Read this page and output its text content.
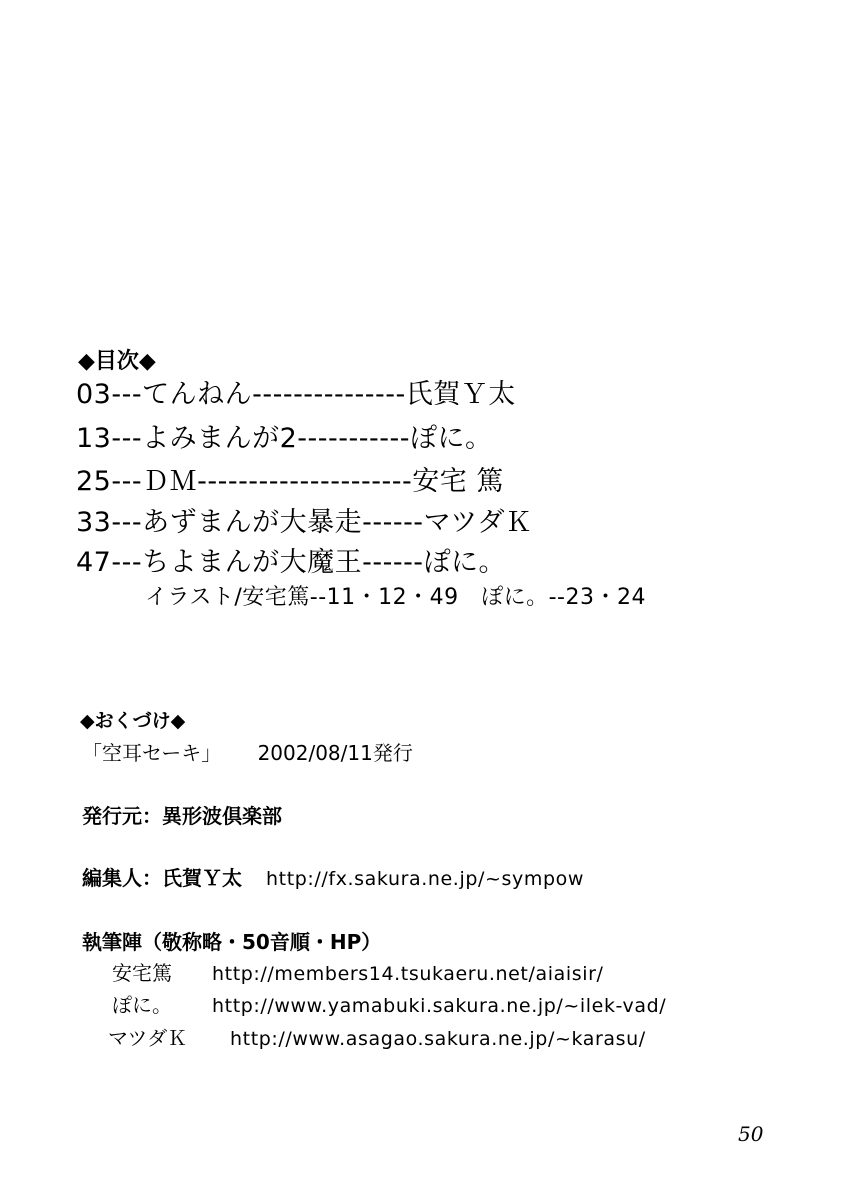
◆目次◆
03---てんねん---------------氏賀Ｙ太
13---よみまんが2-----------ぽに。
25---ＤＭ---------------------安宅 篤
33---あずまんが大暴走------マツダＫ
47---ちよまんが大魔王------ぽに。
イラスト/安宅篤--11・12・49　ぽに。--23・24
◆おくづけ◆
「空耳セーキ」 2002/08/11発行
発行元：異形波倶楽部
編集人：氏賀Ｙ太 http://fx.sakura.ne.jp/~sympow
執筆陣（敬称略・50音順・HP）
安宅篤 http://members14.tsukaeru.net/aiaisir/
ぽに。 http://www.yamabuki.sakura.ne.jp/~ilek-vad/
マツダＫ http://www.asagao.sakura.ne.jp/~karasu/
50
